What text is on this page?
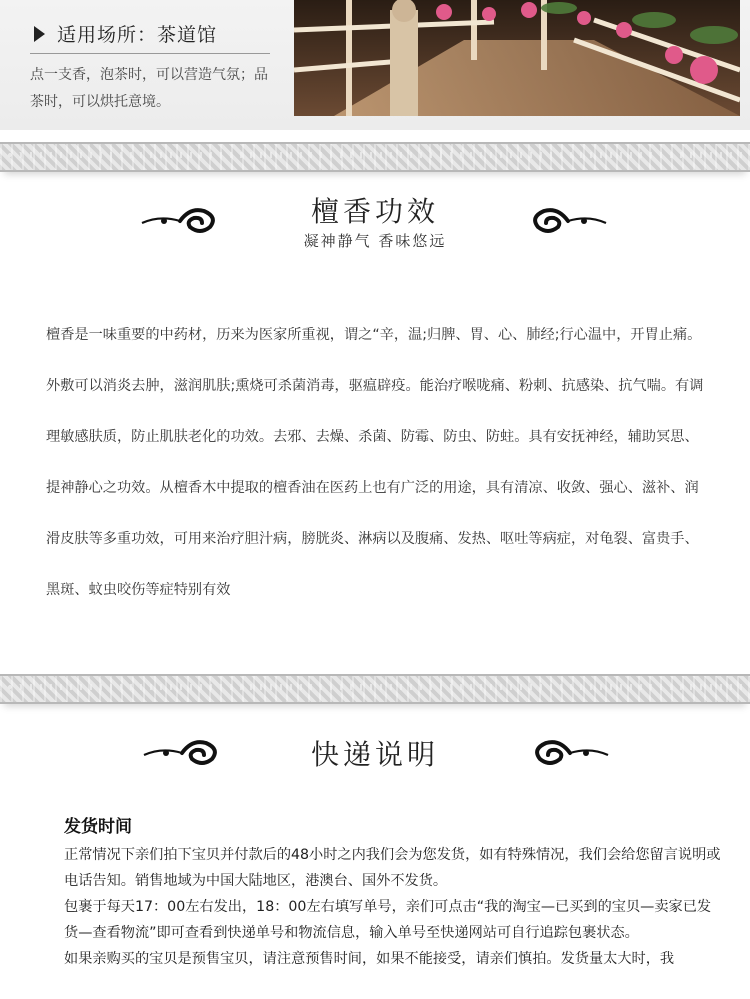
适用场所：茶道馆
点一支香，泡茶时，可以营造气氛；品茶时，可以烘托意境。
檀香功效
凝神静气 香味悠远
檀香是一味重要的中药材，历来为医家所重视，谓之“辛，温;归脾、胃、心、肺经;行心温中，开胃止痛。
外敷可以消炎去肿，滋润肌肤;熏烧可杀菌消毒，驱瘟辟疫。能治疗喉咙痛、粉刺、抗感染、抗气喘。有调
理敏感肤质，防止肌肤老化的功效。去邪、去燥、杀菌、防霉、防虫、防蛀。具有安抚神经，辅助冥思、
提神静心之功效。从檀香木中提取的檀香油在医药上也有广泛的用途，具有清凉、收敛、强心、滋补、润
滑皮肤等多重功效，可用来治疗胆汁病，膀胱炎、淋病以及腹痛、发热、呕吐等病症，对龟裂、富贵手、
黑斑、蚊虫咬伤等症特别有效
快递说明
发货时间

正常情况下亲们拍下宝贝并付款后的48小时之内我们会为您发货，如有特殊情况，我们会给您留言说明或电话告知。销售地域为中国大陆地区，港澳台、国外不发货。

包裹于每天17：00左右发出，18：00左右填写单号，亲们可点击“我的淘宝—已买到的宝贝—卖家已发货—查看物流”即可查看到快递单号和物流信息，输入单号至快递网站可自行追踪包裹状态。

如果亲购买的宝贝是预售宝贝，请注意预售时间，如果不能接受，请亲们慎拍。发货量太大时，我
